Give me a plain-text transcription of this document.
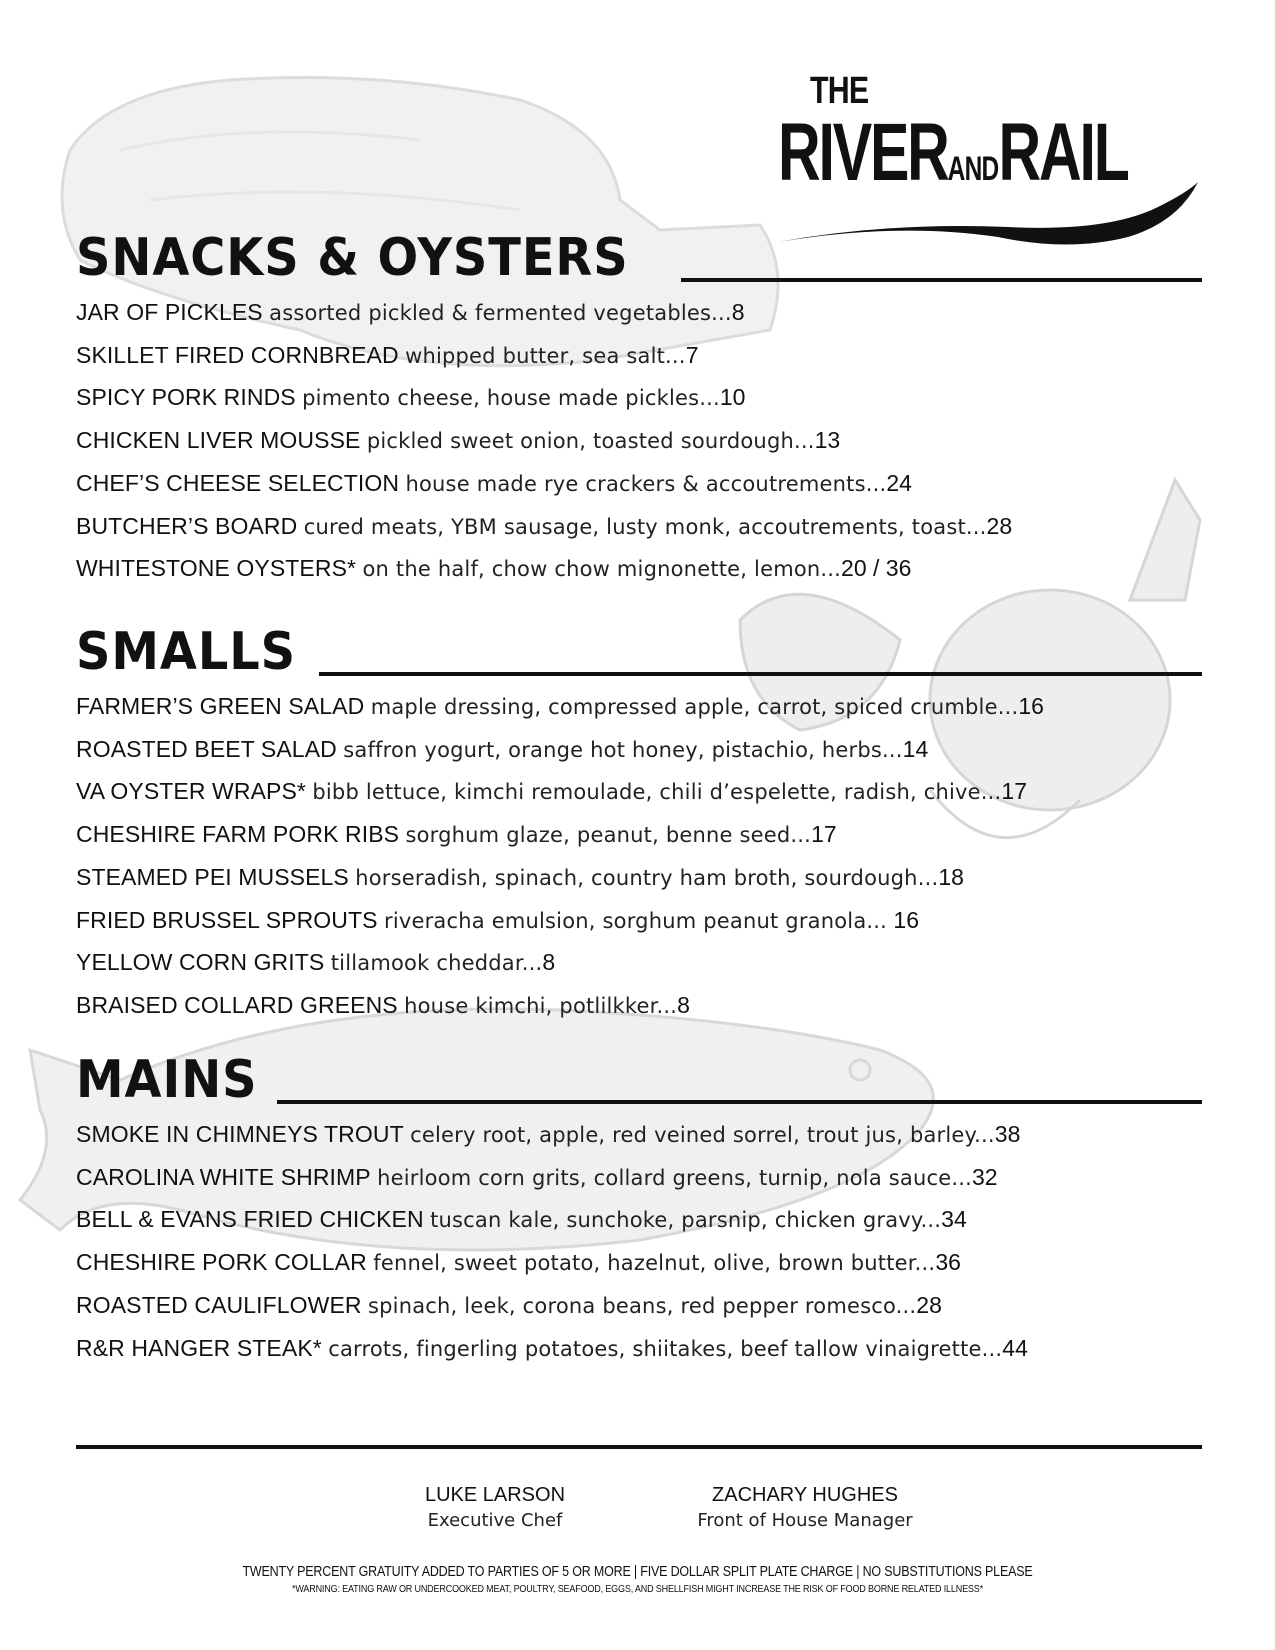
THE
RIVERANDRAIL
SNACKS & OYSTERS
JAR OF PICKLES assorted pickled & fermented vegetables...8
SKILLET FIRED CORNBREAD whipped butter, sea salt...7
SPICY PORK RINDS pimento cheese, house made pickles...10
CHICKEN LIVER MOUSSE pickled sweet onion, toasted sourdough...13
CHEF’S CHEESE SELECTION house made rye crackers & accoutrements...24
BUTCHER’S BOARD cured meats, YBM sausage, lusty monk, accoutrements, toast...28
WHITESTONE OYSTERS* on the half, chow chow mignonette, lemon...20 / 36
SMALLS
FARMER’S GREEN SALAD maple dressing, compressed apple, carrot, spiced crumble...16
ROASTED BEET SALAD saffron yogurt, orange hot honey, pistachio, herbs...14
VA OYSTER WRAPS* bibb lettuce, kimchi remoulade, chili d’espelette, radish, chive...17
CHESHIRE FARM PORK RIBS sorghum glaze, peanut, benne seed...17
STEAMED PEI MUSSELS horseradish, spinach, country ham broth, sourdough...18
FRIED BRUSSEL SPROUTS riveracha emulsion, sorghum peanut granola... 16
YELLOW CORN GRITS tillamook cheddar...8
BRAISED COLLARD GREENS house kimchi, potlilkker...8
MAINS
SMOKE IN CHIMNEYS TROUT celery root, apple, red veined sorrel, trout jus, barley...38
CAROLINA WHITE SHRIMP heirloom corn grits, collard greens, turnip, nola sauce...32
BELL & EVANS FRIED CHICKEN tuscan kale, sunchoke, parsnip, chicken gravy...34
CHESHIRE PORK COLLAR fennel, sweet potato, hazelnut, olive, brown butter...36
ROASTED CAULIFLOWER spinach, leek, corona beans, red pepper romesco...28
R&R HANGER STEAK* carrots, fingerling potatoes, shiitakes, beef tallow vinaigrette...44
LUKE LARSON
Executive Chef
ZACHARY HUGHES
Front of House Manager
TWENTY PERCENT GRATUITY ADDED TO PARTIES OF 5 OR MORE | FIVE DOLLAR SPLIT PLATE CHARGE | NO SUBSTITUTIONS PLEASE
*WARNING: EATING RAW OR UNDERCOOKED MEAT, POULTRY, SEAFOOD, EGGS, AND SHELLFISH MIGHT INCREASE THE RISK OF FOOD BORNE RELATED ILLNESS*
